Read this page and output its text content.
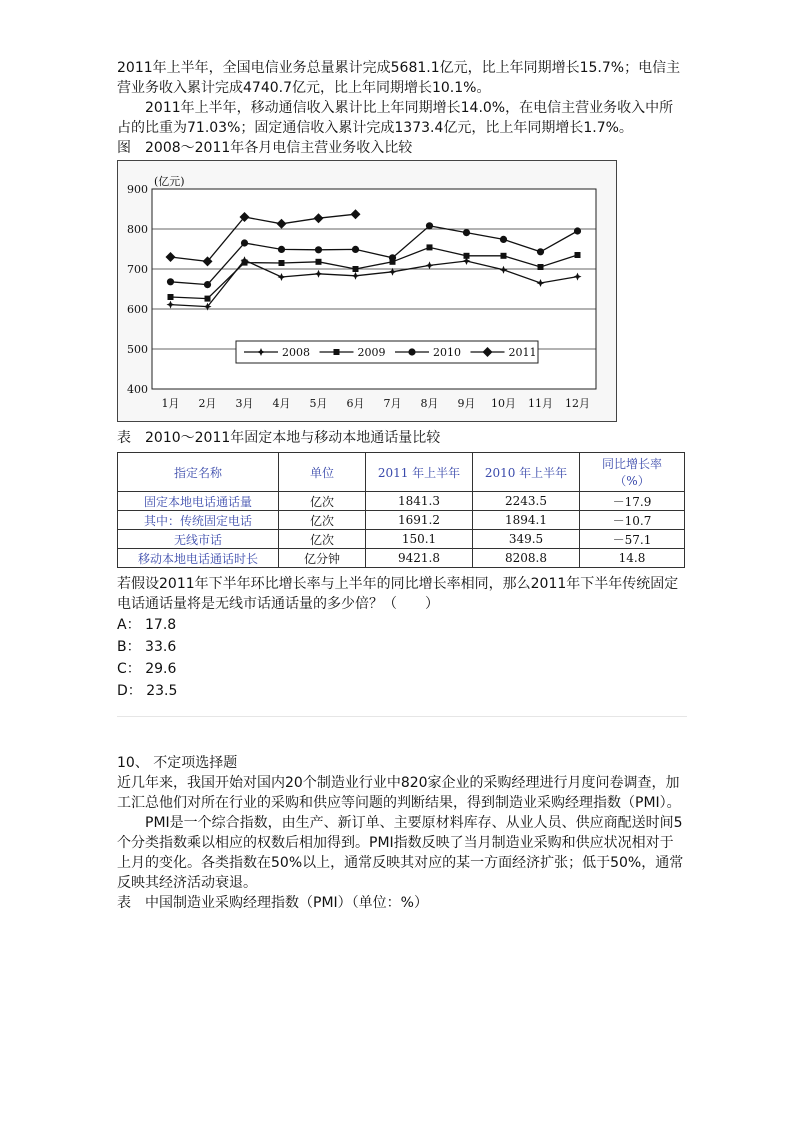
2011年上半年，全国电信业务总量累计完成5681.1亿元，比上年同期增长15.7%；电信主营业务收入累计完成4740.7亿元，比上年同期增长10.1%。

2011年上半年，移动通信收入累计比上年同期增长14.0%，在电信主营业务收入中所占的比重为71.03%；固定通信收入累计完成1373.4亿元，比上年同期增长1.7%。

图　2008～2011年各月电信主营业务收入比较

900
800
700
600
500
400
(亿元)
1月 2月 3月 4月 5月 6月 7月 8月 9月 10月 11月 12月
2008	2009	2010	2011

表　2010～2011年固定本地与移动本地通话量比较

指定名称	单位	2011 年上半年	2010 年上半年	同比增长率
（%）

固定本地电话通话量	亿次	1841.3	2243.5	－17.9
其中：传统固定电话	亿次	1691.2	1894.1	－10.7
无线市话	亿次	150.1	349.5	－57.1
移动本地电话通话时长	亿分钟	9421.8	8208.8	14.8

若假设2011年下半年环比增长率与上半年的同比增长率相同，那么2011年下半年传统固定电话通话量将是无线市话通话量的多少倍？（　　）

A： 17.8
B： 33.6
C： 29.6
D： 23.5

10、 不定项选择题

近几年来，我国开始对国内20个制造业行业中820家企业的采购经理进行月度问卷调查，加工汇总他们对所在行业的采购和供应等问题的判断结果，得到制造业采购经理指数（PMI）。

PMI是一个综合指数，由生产、新订单、主要原材料库存、从业人员、供应商配送时间5个分类指数乘以相应的权数后相加得到。PMI指数反映了当月制造业采购和供应状况相对于上月的变化。各类指数在50%以上，通常反映其对应的某一方面经济扩张；低于50%，通常反映其经济活动衰退。

表　中国制造业采购经理指数（PMI）（单位：%）
